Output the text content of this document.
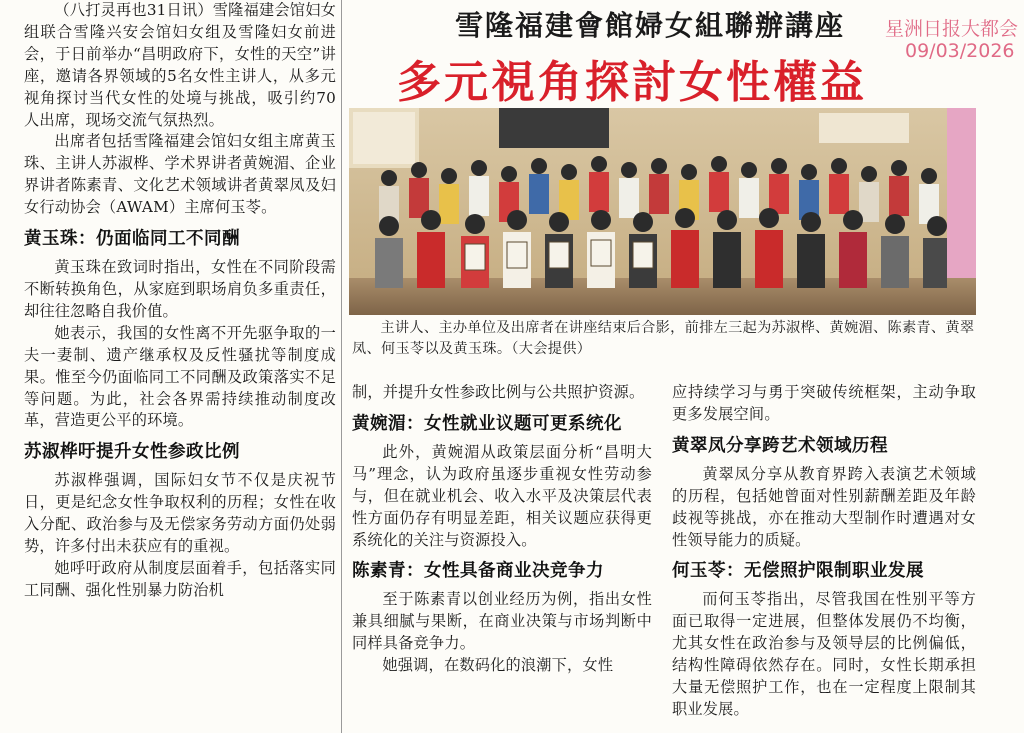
雪隆福建會館婦女組聯辦講座
多元視角探討女性權益
星洲日报大都会
09/03/2026

主讲人、主办单位及出席者在讲座结束后合影，前排左三起为苏淑桦、黄婉湄、陈素青、黄翠凤、何玉苓以及黄玉珠。（大会提供）

（八打灵再也31日讯）雪隆福建会馆妇女组联合雪隆兴安会馆妇女组及雪隆妇女前进会，于日前举办“昌明政府下，女性的天空”讲座，邀请各界领域的5名女性主讲人，从多元视角探讨当代女性的处境与挑战，吸引约70人出席，现场交流气氛热烈。

出席者包括雪隆福建会馆妇女组主席黄玉珠、主讲人苏淑桦、学术界讲者黄婉湄、企业界讲者陈素青、文化艺术领域讲者黄翠凤及妇女行动协会（AWAM）主席何玉苓。

黄玉珠：仍面临同工不同酬

黄玉珠在致词时指出，女性在不同阶段需不断转换角色，从家庭到职场肩负多重责任，却往往忽略自我价值。

她表示，我国的女性离不开先驱争取的一夫一妻制、遗产继承权及反性骚扰等制度成果。惟至今仍面临同工不同酬及政策落实不足等问题。为此，社会各界需持续推动制度改革，营造更公平的环境。

苏淑桦吁提升女性参政比例

苏淑桦强调，国际妇女节不仅是庆祝节日，更是纪念女性争取权利的历程；女性在收入分配、政治参与及无偿家务劳动方面仍处弱势，许多付出未获应有的重视。

她呼吁政府从制度层面着手，包括落实同工同酬、强化性别暴力防治机

制，并提升女性参政比例与公共照护资源。

黄婉湄：女性就业议题可更系统化

此外，黄婉湄从政策层面分析“昌明大马”理念，认为政府虽逐步重视女性劳动参与，但在就业机会、收入水平及决策层代表性方面仍存有明显差距，相关议题应获得更系统化的关注与资源投入。

陈素青：女性具备商业决竞争力

至于陈素青以创业经历为例，指出女性兼具细腻与果断，在商业决策与市场判断中同样具备竞争力。

她强调，在数码化的浪潮下，女性

应持续学习与勇于突破传统框架，主动争取更多发展空间。

黄翠凤分享跨艺术领域历程

黄翠凤分享从教育界跨入表演艺术领域的历程，包括她曾面对性别薪酬差距及年龄歧视等挑战，亦在推动大型制作时遭遇对女性领导能力的质疑。

何玉苓：无偿照护限制职业发展

而何玉苓指出，尽管我国在性别平等方面已取得一定进展，但整体发展仍不均衡，尤其女性在政治参与及领导层的比例偏低，结构性障碍依然存在。同时，女性长期承担大量无偿照护工作，也在一定程度上限制其职业发展。
